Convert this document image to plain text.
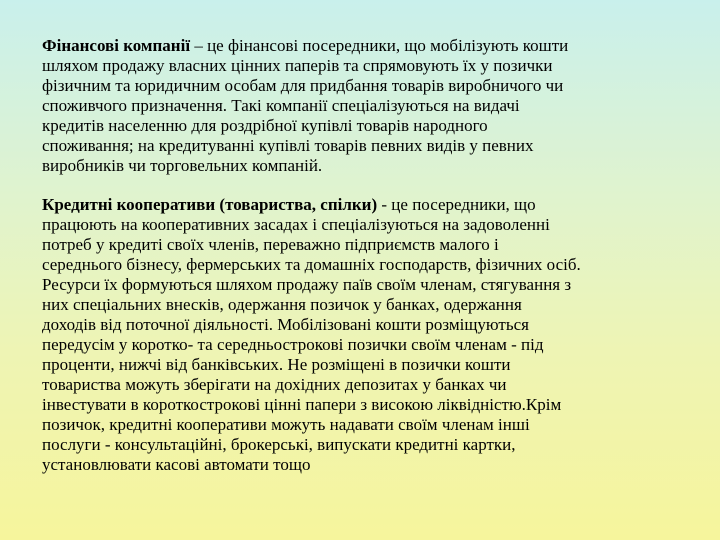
Фінансові компанії – це фінансові посередники, що мобілізують кошти
шляхом продажу власних цінних паперів та спрямовують їх у позички
фізичним та юридичним особам для придбання товарів виробничого чи
споживчого призначення. Такі компанії спеціалізуються на видачі
кредитів населенню для роздрібної купівлі товарів народного
споживання; на кредитуванні купівлі товарів певних видів у певних
виробників чи торговельних компаній.
Кредитні кооперативи (товариства, спілки) - це посередники, що
працюють на кооперативних засадах і спеціалізуються на задоволенні
потреб у кредиті своїх членів, переважно підприємств малого і
середнього бізнесу, фермерських та домашніх господарств, фізичних осіб.
Ресурси їх формуються шляхом продажу паїв своїм членам, стягування з
них спеціальних внесків, одержання позичок у банках, одержання
доходів від поточної діяльності. Мобілізовані кошти розміщуються
передусім у коротко- та середньострокові позички своїм членам - під
проценти, нижчі від банківських. Не розміщені в позички кошти
товариства можуть зберігати на дохідних депозитах у банках чи
інвестувати в короткострокові цінні папери з високою ліквідністю.Крім
позичок, кредитні кооперативи можуть надавати своїм членам інші
послуги - консультаційні, брокерські, випускати кредитні картки,
установлювати касові автомати тощо
